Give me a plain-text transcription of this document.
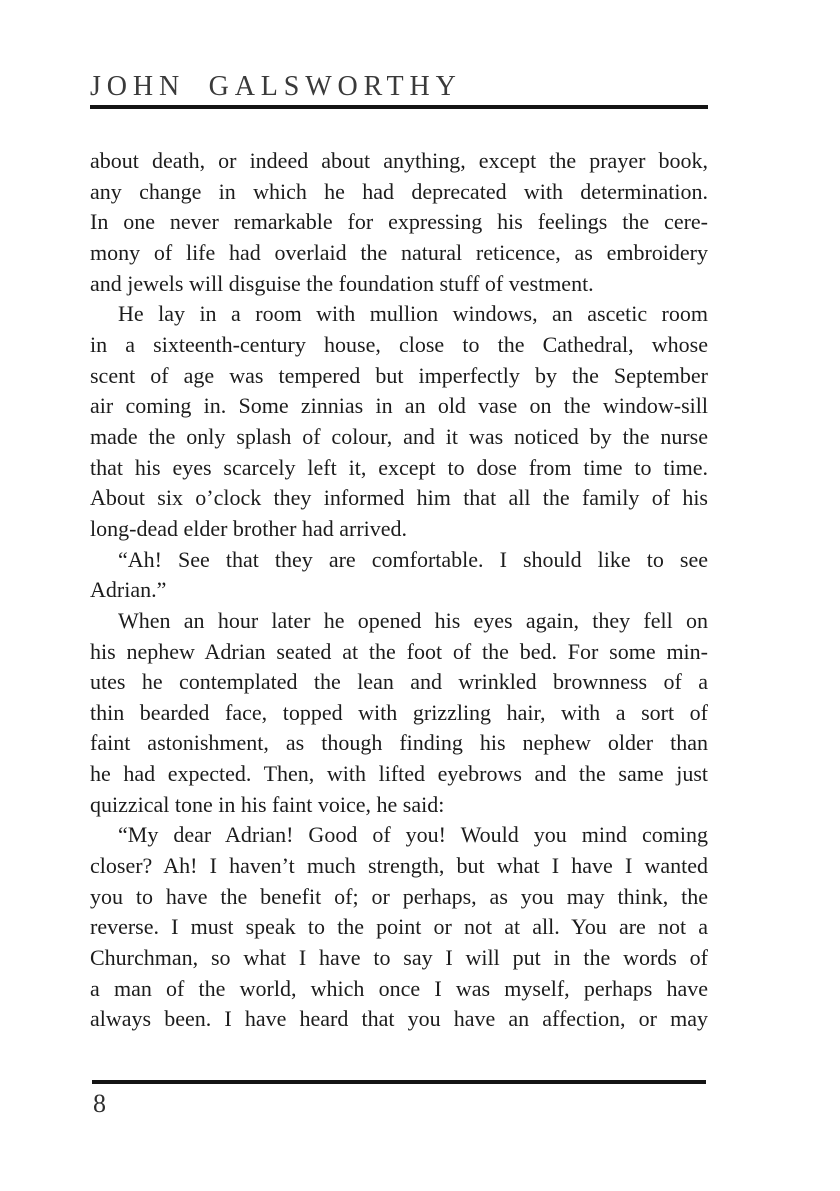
JOHN GALSWORTHY
about death, or indeed about anything, except the prayer book,
any change in which he had deprecated with determination.
In one never remarkable for expressing his feelings the cere-
mony of life had overlaid the natural reticence, as embroidery
and jewels will disguise the foundation stuff of vestment.
He lay in a room with mullion windows, an ascetic room
in a sixteenth-century house, close to the Cathedral, whose
scent of age was tempered but imperfectly by the September
air coming in. Some zinnias in an old vase on the window-sill
made the only splash of colour, and it was noticed by the nurse
that his eyes scarcely left it, except to dose from time to time.
About six o’clock they informed him that all the family of his
long-dead elder brother had arrived.
“Ah! See that they are comfortable. I should like to see
Adrian.”
When an hour later he opened his eyes again, they fell on
his nephew Adrian seated at the foot of the bed. For some min-
utes he contemplated the lean and wrinkled brownness of a
thin bearded face, topped with grizzling hair, with a sort of
faint astonishment, as though finding his nephew older than
he had expected. Then, with lifted eyebrows and the same just
quizzical tone in his faint voice, he said:
“My dear Adrian! Good of you! Would you mind coming
closer? Ah! I haven’t much strength, but what I have I wanted
you to have the benefit of; or perhaps, as you may think, the
reverse. I must speak to the point or not at all. You are not a
Churchman, so what I have to say I will put in the words of
a man of the world, which once I was myself, perhaps have
always been. I have heard that you have an affection, or may
8
